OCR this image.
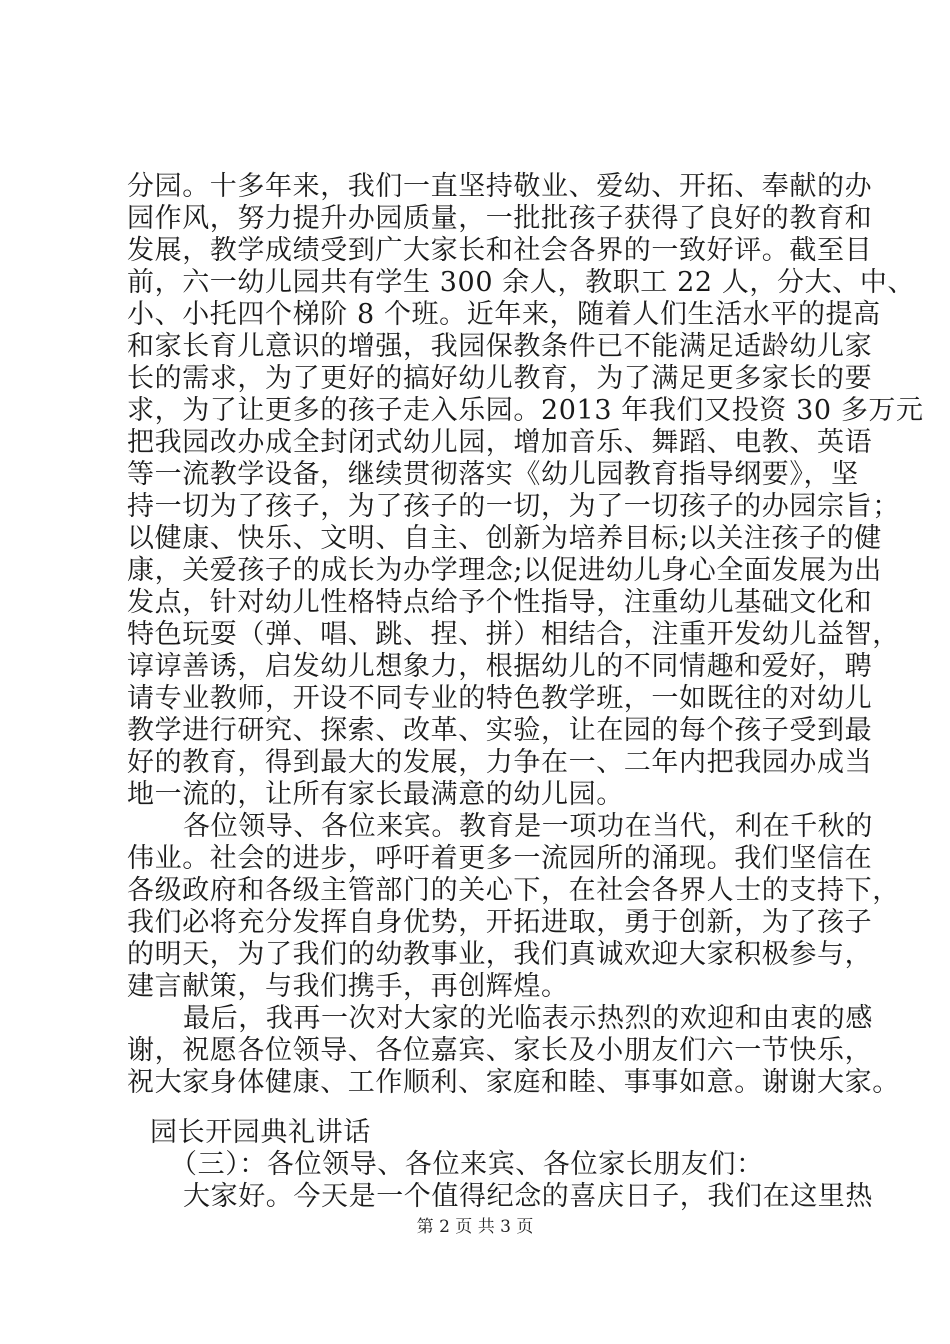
分园。十多年来，我们一直坚持敬业、爱幼、开拓、奉献的办
园作风，努力提升办园质量，一批批孩子获得了良好的教育和
发展，教学成绩受到广大家长和社会各界的一致好评。截至目
前，六一幼儿园共有学生 300 余人，教职工 22 人，分大、中、
小、小托四个梯阶 8 个班。近年来，随着人们生活水平的提高
和家长育儿意识的增强，我园保教条件已不能满足适龄幼儿家
长的需求，为了更好的搞好幼儿教育，为了满足更多家长的要
求，为了让更多的孩子走入乐园。2013 年我们又投资 30 多万元
把我园改办成全封闭式幼儿园，增加音乐、舞蹈、电教、英语
等一流教学设备，继续贯彻落实《幼儿园教育指导纲要》，坚
持一切为了孩子，为了孩子的一切，为了一切孩子的办园宗旨；
以健康、快乐、文明、自主、创新为培养目标;以关注孩子的健
康，关爱孩子的成长为办学理念;以促进幼儿身心全面发展为出
发点，针对幼儿性格特点给予个性指导，注重幼儿基础文化和
特色玩耍（弹、唱、跳、捏、拼）相结合，注重开发幼儿益智，
谆谆善诱，启发幼儿想象力，根据幼儿的不同情趣和爱好，聘
请专业教师，开设不同专业的特色教学班，一如既往的对幼儿
教学进行研究、探索、改革、实验，让在园的每个孩子受到最
好的教育，得到最大的发展，力争在一、二年内把我园办成当
地一流的，让所有家长最满意的幼儿园。
各位领导、各位来宾。教育是一项功在当代，利在千秋的
伟业。社会的进步，呼吁着更多一流园所的涌现。我们坚信在
各级政府和各级主管部门的关心下，在社会各界人士的支持下，
我们必将充分发挥自身优势，开拓进取，勇于创新，为了孩子
的明天，为了我们的幼教事业，我们真诚欢迎大家积极参与，
建言献策，与我们携手，再创辉煌。
最后，我再一次对大家的光临表示热烈的欢迎和由衷的感
谢，祝愿各位领导、各位嘉宾、家长及小朋友们六一节快乐，
祝大家身体健康、工作顺利、家庭和睦、事事如意。谢谢大家。
园长开园典礼讲话
（三）：各位领导、各位来宾、各位家长朋友们：
大家好。今天是一个值得纪念的喜庆日子，我们在这里热
第 2 页 共 3 页
